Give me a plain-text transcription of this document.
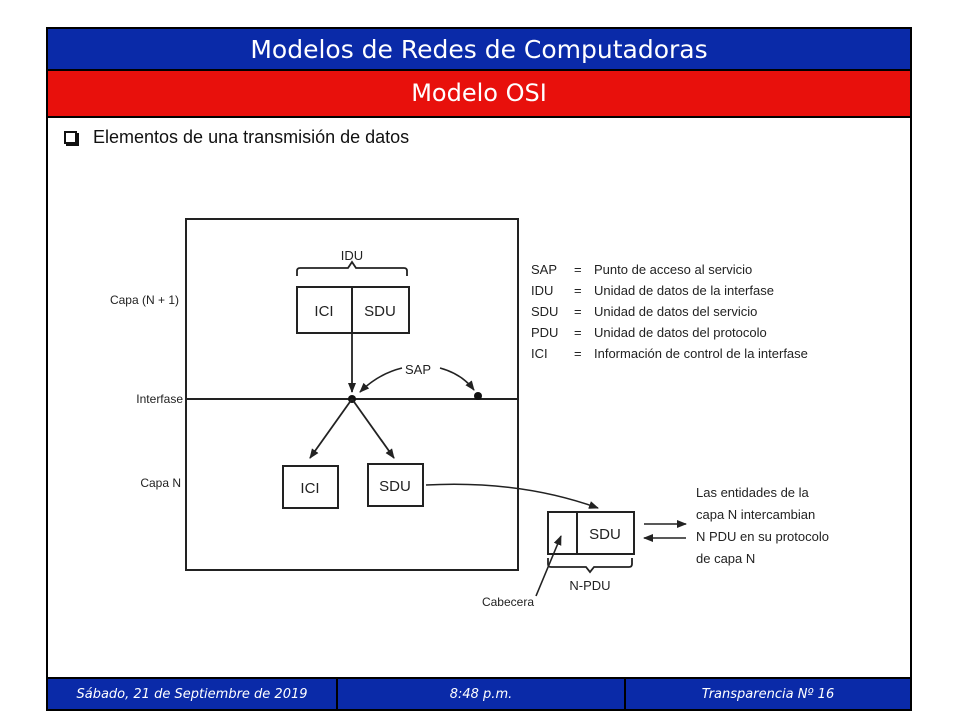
Modelos de Redes de Computadoras
Modelo OSI
Elementos de una transmisión de datos
Sábado, 21 de Septiembre de 2019	8:48 p.m.	Transparencia Nº 16
IDU
ICI SDU
SAP
ICI	SDU
Capa (N + 1)
Interfase
Capa N
SDU
N-PDU
Cabecera
SAP = Punto de acceso al servicio
IDU = Unidad de datos de la interfase
SDU = Unidad de datos del servicio
PDU = Unidad de datos del protocolo
ICI = Información de control de la interfase
Las entidades de la
capa N intercambian
N PDU en su protocolo
de capa N
